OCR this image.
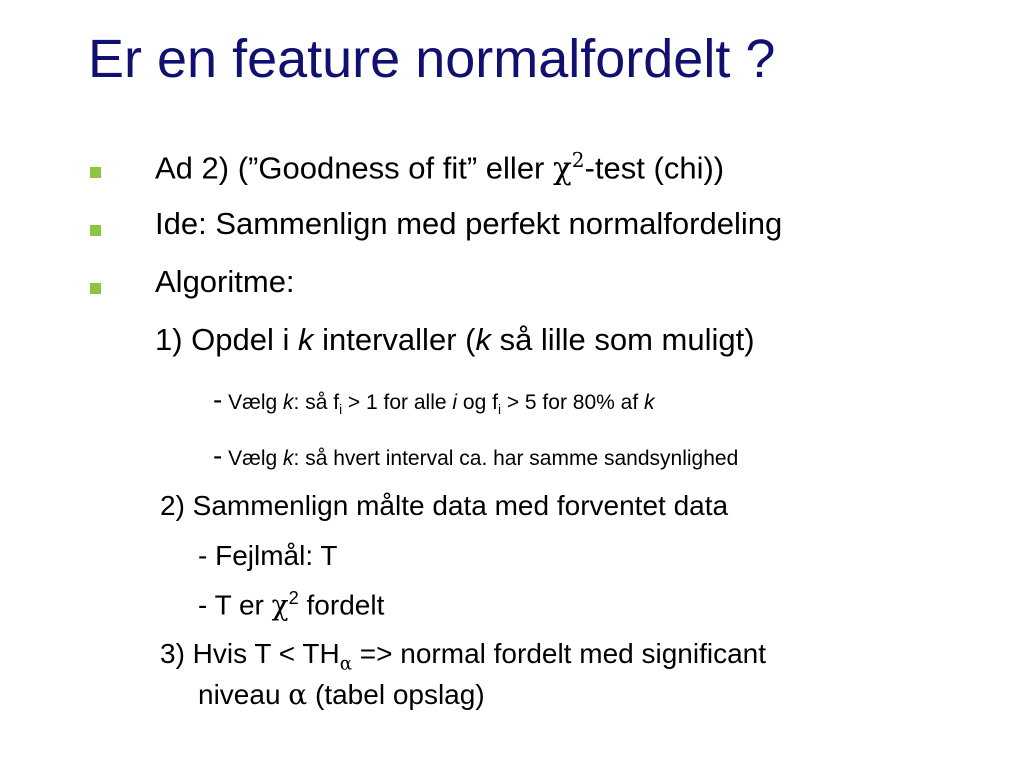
Er en feature normalfordelt ?
Ad 2) (”Goodness of fit” eller $\chi^2$-test (chi))
Ide: Sammenlign med perfekt normalfordeling
Algoritme:
1) Opdel i k intervaller (k så lille som muligt)
- Vælg k: så $f_i > 1$ for alle i og $f_i > 5$ for 80% af k
- Vælg k: så hvert interval ca. har samme sandsynlighed
2) Sammenlign målte data med forventet data
- Fejlmål: T
- T er $\chi^2$ fordelt
3) Hvis $T < TH_\alpha$ => normal fordelt med significant
niveau α (tabel opslag)
